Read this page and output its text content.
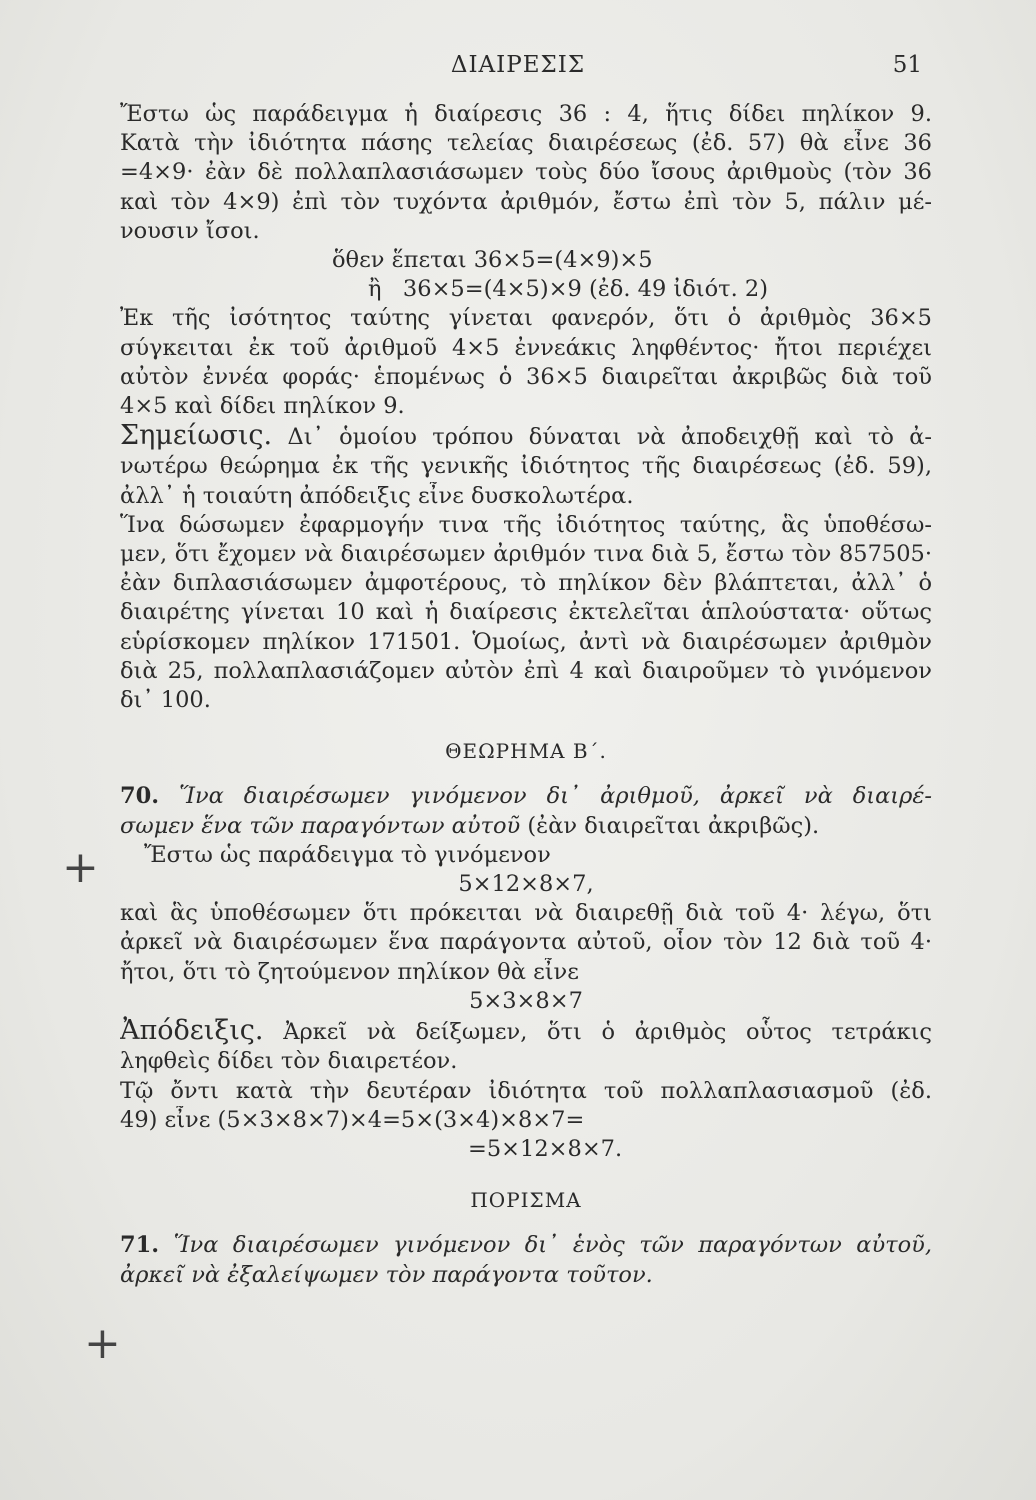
ΔΙΑΙΡΕΣΙΣ	51
+
+
Ἔστω ὡς παράδειγμα ἡ διαίρεσις 36 : 4, ἥτις δίδει πηλίκον 9.
Κατὰ τὴν ἰδιότητα πάσης τελείας διαιρέσεως (ἐδ. 57) θὰ εἶνε 36
=4×9· ἐὰν δὲ πολλαπλασιάσωμεν τοὺς δύο ἴσους ἀριθμοὺς (τὸν 36
καὶ τὸν 4×9) ἐπὶ τὸν τυχόντα ἀριθμόν, ἔστω ἐπὶ τὸν 5, πάλιν μέ-
νουσιν ἴσοι.
ὅθεν ἕπεται 36×5=(4×9)×5
ἢ   36×5=(4×5)×9 (ἐδ. 49 ἰδιότ. 2)
Ἐκ τῆς ἰσότητος ταύτης γίνεται φανερόν, ὅτι ὁ ἀριθμὸς 36×5
σύγκειται ἐκ τοῦ ἀριθμοῦ 4×5 ἐννεάκις ληφθέντος· ἤτοι περιέχει
αὐτὸν ἐννέα φοράς· ἑπομένως ὁ 36×5 διαιρεῖται ἀκριβῶς διὰ τοῦ
4×5 καὶ δίδει πηλίκον 9.
Σημείωσις. Δι᾽ ὁμοίου τρόπου δύναται νὰ ἀποδειχθῇ καὶ τὸ ἀ-
νωτέρω θεώρημα ἐκ τῆς γενικῆς ἰδιότητος τῆς διαιρέσεως (ἐδ. 59),
ἀλλ᾽ ἡ τοιαύτη ἀπόδειξις εἶνε δυσκολωτέρα.
Ἵνα δώσωμεν ἐφαρμογήν τινα τῆς ἰδιότητος ταύτης, ἃς ὑποθέσω-
μεν, ὅτι ἔχομεν νὰ διαιρέσωμεν ἀριθμόν τινα διὰ 5, ἔστω τὸν 857505·
ἐὰν διπλασιάσωμεν ἀμφοτέρους, τὸ πηλίκον δὲν βλάπτεται, ἀλλ᾽ ὁ
διαιρέτης γίνεται 10 καὶ ἡ διαίρεσις ἐκτελεῖται ἁπλούστατα· οὕτως
εὑρίσκομεν πηλίκον 171501. Ὁμοίως, ἀντὶ νὰ διαιρέσωμεν ἀριθμὸν
διὰ 25, πολλαπλασιάζομεν αὐτὸν ἐπὶ 4 καὶ διαιροῦμεν τὸ γινόμενον
δι᾽ 100.
ΘΕΩΡΗΜΑ Β΄.
70. Ἵνα διαιρέσωμεν γινόμενον δι᾽ ἀριθμοῦ, ἀρκεῖ νὰ διαιρέ-
σωμεν ἕνα τῶν παραγόντων αὐτοῦ (ἐὰν διαιρεῖται ἀκριβῶς).
Ἔστω ὡς παράδειγμα τὸ γινόμενον
5×12×8×7,
καὶ ἃς ὑποθέσωμεν ὅτι πρόκειται νὰ διαιρεθῇ διὰ τοῦ 4· λέγω, ὅτι
ἀρκεῖ νὰ διαιρέσωμεν ἕνα παράγοντα αὐτοῦ, οἷον τὸν 12 διὰ τοῦ 4·
ἤτοι, ὅτι τὸ ζητούμενον πηλίκον θὰ εἶνε
5×3×8×7
Ἀπόδειξις. Ἀρκεῖ νὰ δείξωμεν, ὅτι ὁ ἀριθμὸς οὗτος τετράκις
ληφθεὶς δίδει τὸν διαιρετέον.
Τῷ ὄντι κατὰ τὴν δευτέραν ἰδιότητα τοῦ πολλαπλασιασμοῦ (ἐδ.
49) εἶνε (5×3×8×7)×4=5×(3×4)×8×7=
=5×12×8×7.
ΠΟΡΙΣΜΑ
71. Ἵνα διαιρέσωμεν γινόμενον δι᾽ ἑνὸς τῶν παραγόντων αὐτοῦ,
ἀρκεῖ νὰ ἐξαλείψωμεν τὸν παράγοντα τοῦτον.
